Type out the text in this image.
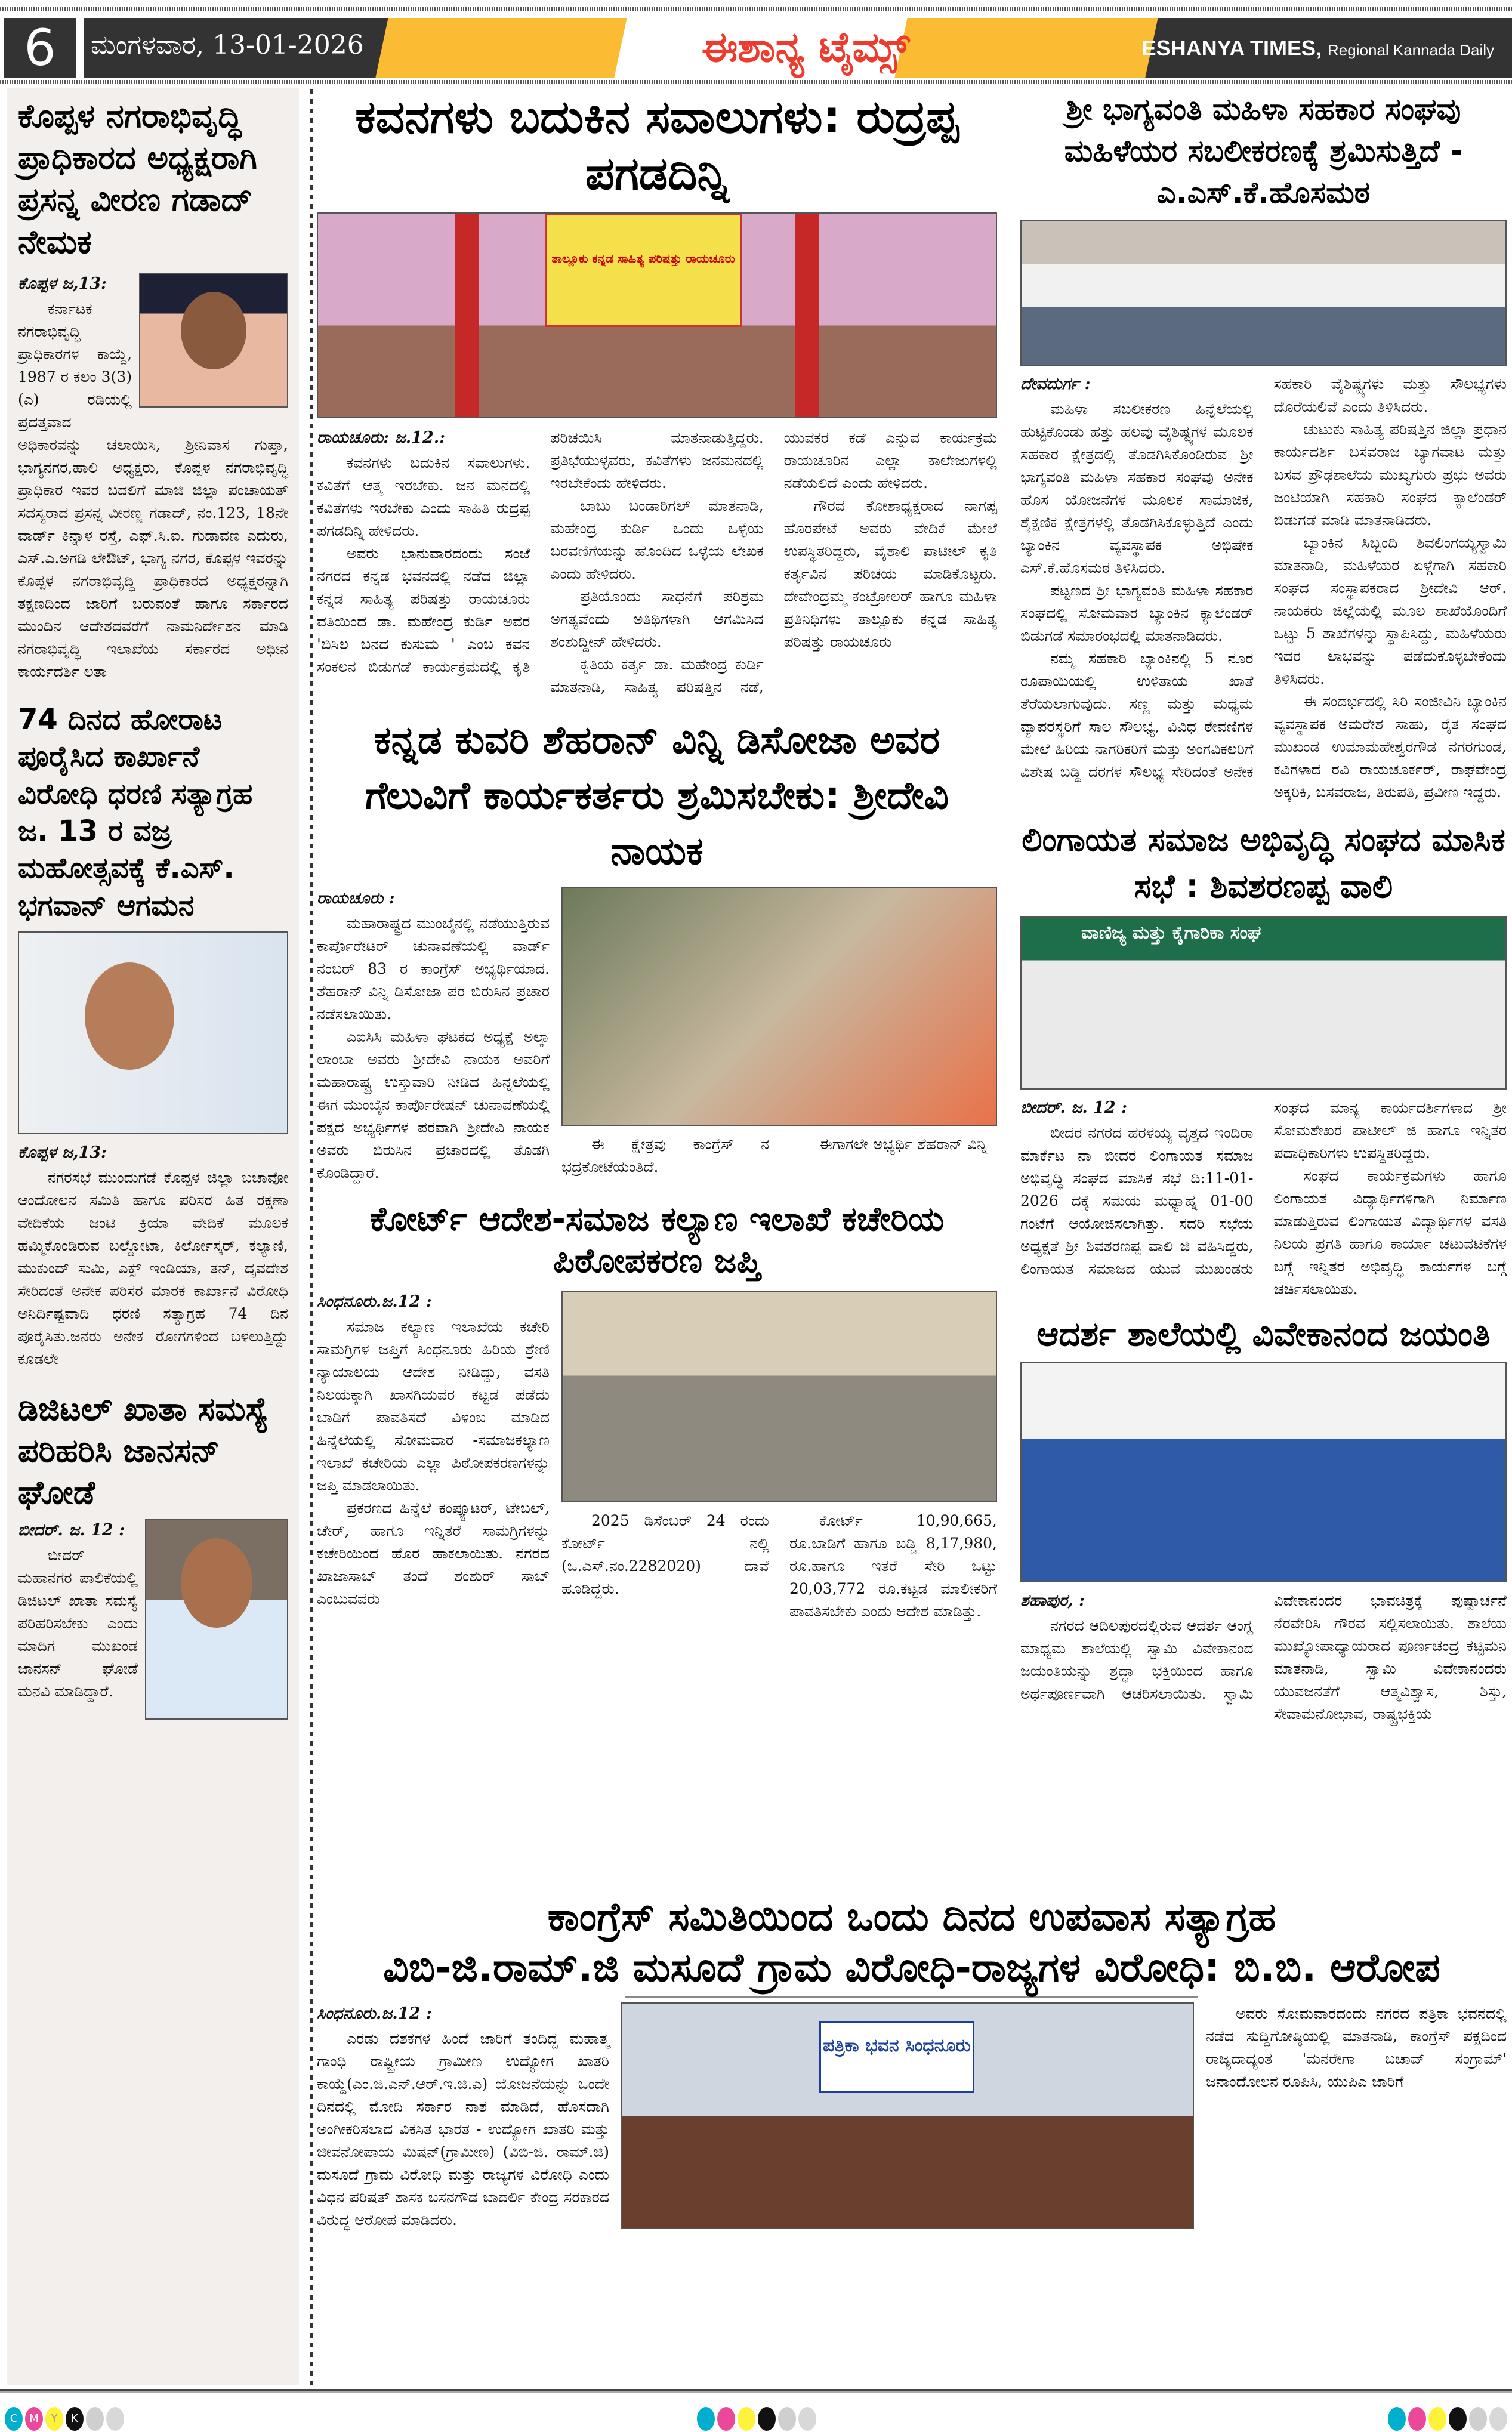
6	ಮಂಗಳವಾರ, 13-01-2026	ಈಶಾನ್ಯ ಟೈಮ್ಸ್	ESHANYA TIMES, Regional Kannada Daily
ಕೊಪ್ಪಳ ನಗರಾಭಿವೃದ್ಧಿ ಪ್ರಾಧಿಕಾರದ ಅಧ್ಯಕ್ಷರಾಗಿ ಪ್ರಸನ್ನ ವೀರಣ ಗಡಾದ್ ನೇಮಕ
ಕೊಪ್ಪಳ ಜ,13:

ಕರ್ನಾಟಕ ನಗರಾಭಿವೃದ್ಧಿ ಪ್ರಾಧಿಕಾರಗಳ ಕಾಯ್ದೆ, 1987 ರ ಕಲಂ 3(3) (ಎ) ರಡಿಯಲ್ಲಿ ಪ್ರದತ್ತವಾದ ಅಧಿಕಾರವನ್ನು ಚಲಾಯಿಸಿ, ಶ್ರೀನಿವಾಸ ಗುಪ್ತಾ, ಭಾಗ್ಯನಗರ,ಹಾಲಿ ಅಧ್ಯಕ್ಷರು, ಕೊಪ್ಪಳ ನಗರಾಭಿವೃದ್ಧಿ ಪ್ರಾಧಿಕಾರ ಇವರ ಬದಲಿಗೆ ಮಾಜಿ ಜಿಲ್ಲಾ ಪಂಚಾಯತ್ ಸದಸ್ಯರಾದ ಪ್ರಸನ್ನ ವೀರಣ್ಣ ಗಡಾದ್, ನಂ.123, 18ನೇ ವಾರ್ಡ್ ಕಿನ್ನಾಳ ರಸ್ತೆ, ಎಫ್.ಸಿ.ಐ. ಗುಡಾವಣ ಎದುರು, ಎಸ್.ಎ.ಅಗಡಿ ಲೇಔಟ್, ಭಾಗ್ಯ ನಗರ, ಕೊಪ್ಪಳ ಇವರನ್ನು ಕೊಪ್ಪಳ ನಗರಾಭಿವೃದ್ಧಿ ಪ್ರಾಧಿಕಾರದ ಅಧ್ಯಕ್ಷರನ್ನಾಗಿ ತಕ್ಷಣದಿಂದ ಜಾರಿಗೆ ಬರುವಂತೆ ಹಾಗೂ ಸರ್ಕಾರದ ಮುಂದಿನ ಆದೇಶದವರೆಗೆ ನಾಮನಿರ್ದೇಶನ ಮಾಡಿ ನಗರಾಭಿವೃದ್ಧಿ ಇಲಾಖೆಯ ಸರ್ಕಾರದ ಅಧೀನ ಕಾರ್ಯದರ್ಶಿ ಲತಾ

74 ದಿನದ ಹೋರಾಟ ಪೂರೈಸಿದ ಕಾರ್ಖಾನೆ ವಿರೋಧಿ ಧರಣಿ ಸತ್ಯಾಗ್ರಹ ಜ. 13 ರ ವಜ್ರ ಮಹೋತ್ಸವಕ್ಕೆ ಕೆ.ಎಸ್. ಭಗವಾನ್ ಆಗಮನ
ಕೊಪ್ಪಳ ಜ,13:

ನಗರಸಭೆ ಮುಂದುಗಡೆ ಕೊಪ್ಪಳ ಜಿಲ್ಲಾ ಬಚಾವೋ ಆಂದೋಲನ ಸಮಿತಿ ಹಾಗೂ ಪರಿಸರ ಹಿತ ರಕ್ಷಣಾ ವೇದಿಕೆಯ ಜಂಟಿ ಕ್ರಿಯಾ ವೇದಿಕೆ ಮೂಲಕ ಹಮ್ಮಿಕೊಂಡಿರುವ ಬಲ್ಡೋಟಾ, ಕಿರ್ಲೋಸ್ಕರ್, ಕಲ್ಯಾಣಿ, ಮುಕುಂದ್ ಸುಮಿ, ಎಕ್ಸ್ ಇಂಡಿಯಾ, ತನ್, ದೃವದೇಶ ಸೇರಿದಂತೆ ಅನೇಕ ಪರಿಸರ ಮಾರಕ ಕಾರ್ಖಾನೆ ವಿರೋಧಿ ಅನಿರ್ದಿಷ್ಟವಾದಿ ಧರಣಿ ಸತ್ಯಾಗ್ರಹ 74 ದಿನ ಪೂರೈಸಿತು.ಜನರು ಅನೇಕ ರೋಗಗಳಿಂದ ಬಳಲುತ್ತಿದ್ದು ಕೂಡಲೇ

ಡಿಜಿಟಲ್ ಖಾತಾ ಸಮಸ್ಯೆ ಪರಿಹರಿಸಿ ಜಾನಸನ್ ಘೋಡೆ
ಬೀದರ್. ಜ. 12 :

ಬೀದರ್ ಮಹಾನಗರ ಪಾಲಿಕೆಯಲ್ಲಿ ಡಿಜಿಟಲ್ ಖಾತಾ ಸಮಸ್ಯೆ ಪರಿಹರಿಸಬೇಕು ಎಂದು ಮಾದಿಗ ಮುಖಂಡ ಜಾನಸನ್ ಘೋಡೆ ಮನವಿ ಮಾಡಿದ್ದಾರೆ.

ಕವನಗಳು ಬದುಕಿನ ಸವಾಲುಗಳು: ರುದ್ರಪ್ಪ ಪಗಡದಿನ್ನಿ
ತಾಲ್ಲೂಕು ಕನ್ನಡ ಸಾಹಿತ್ಯ ಪರಿಷತ್ತು ರಾಯಚೂರು
ರಾಯಚೂರು: ಜ.12.:

ಕವನಗಳು ಬದುಕಿನ ಸವಾಲುಗಳು. ಕವಿತೆಗೆ ಆತ್ಮ ಇರಬೇಕು. ಜನ ಮನದಲ್ಲಿ ಕವಿತೆಗಳು ಇರಬೇಕು ಎಂದು ಸಾಹಿತಿ ರುದ್ರಪ್ಪ ಪಗಡದಿನ್ನಿ ಹೇಳಿದರು.

ಅವರು ಭಾನುವಾರದಂದು ಸಂಜೆ ನಗರದ ಕನ್ನಡ ಭವನದಲ್ಲಿ ನಡೆದ ಜಿಲ್ಲಾ ಕನ್ನಡ ಸಾಹಿತ್ಯ ಪರಿಷತ್ತು ರಾಯಚೂರು ವತಿಯಿಂದ ಡಾ. ಮಹೇಂದ್ರ ಕುರ್ಡಿ ಅವರ 'ಬಿಸಿಲ ಬನದ ಕುಸುಮ ' ಎಂಬ ಕವನ ಸಂಕಲನ ಬಿಡುಗಡೆ ಕಾರ್ಯಕ್ರಮದಲ್ಲಿ ಕೃತಿ ಪರಿಚಯಿಸಿ ಮಾತನಾಡುತ್ತಿದ್ದರು. ಪ್ರತಿಭೆಯುಳ್ಳವರು, ಕವಿತೆಗಳು ಜನಮನದಲ್ಲಿ ಇರಬೇಕೆಂದು ಹೇಳಿದರು.

ಬಾಬು ಬಂಡಾರಿಗಲ್ ಮಾತನಾಡಿ, ಮಹೇಂದ್ರ ಕುರ್ಡಿ ಒಂದು ಒಳ್ಳೆಯ ಬರವಣಿಗೆಯನ್ನು ಹೊಂದಿದ ಒಳ್ಳೆಯ ಲೇಖಕ ಎಂದು ಹೇಳಿದರು.

ಪ್ರತಿಯೊಂದು ಸಾಧನೆಗೆ ಪರಿಶ್ರಮ ಅಗತ್ಯವೆಂದು ಅತಿಥಿಗಳಾಗಿ ಆಗಮಿಸಿದ ಶಂಶುದ್ದೀನ್ ಹೇಳಿದರು.

ಕೃತಿಯ ಕರ್ತೃ ಡಾ. ಮಹೇಂದ್ರ ಕುರ್ಡಿ ಮಾತನಾಡಿ, ಸಾಹಿತ್ಯ ಪರಿಷತ್ತಿನ ನಡೆ, ಯುವಕರ ಕಡೆ ಎನ್ನುವ ಕಾರ್ಯಕ್ರಮ ರಾಯಚೂರಿನ ಎಲ್ಲಾ ಕಾಲೇಜುಗಳಲ್ಲಿ ನಡೆಯಲಿದೆ ಎಂದು ಹೇಳಿದರು.

ಗೌರವ ಕೋಶಾಧ್ಯಕ್ಷರಾದ ನಾಗಪ್ಪ ಹೊರಪೇಟೆ ಅವರು ವೇದಿಕೆ ಮೇಲೆ ಉಪಸ್ಥಿತರಿದ್ದರು, ವೈಶಾಲಿ ಪಾಟೀಲ್ ಕೃತಿ ಕರ್ತೃವಿನ ಪರಿಚಯ ಮಾಡಿಕೊಟ್ಟರು. ದೇವೇಂದ್ರಮ್ಮ ಕಂಟ್ರೋಲರ್ ಹಾಗೂ ಮಹಿಳಾ ಪ್ರತಿನಿಧಿಗಳು ತಾಲ್ಲೂಕು ಕನ್ನಡ ಸಾಹಿತ್ಯ ಪರಿಷತ್ತು ರಾಯಚೂರು

ಕನ್ನಡ ಕುವರಿ ಶೆಹರಾನ್ ವಿನ್ನಿ ಡಿಸೋಜಾ ಅವರ ಗೆಲುವಿಗೆ ಕಾರ್ಯಕರ್ತರು ಶ್ರಮಿಸಬೇಕು: ಶ್ರೀದೇವಿ ನಾಯಕ
ರಾಯಚೂರು :

ಮಹಾರಾಷ್ಟ್ರದ ಮುಂಬೈನಲ್ಲಿ ನಡೆಯುತ್ತಿರುವ ಕಾರ್ಪೊರೇಟರ್ ಚುನಾವಣೆಯಲ್ಲಿ ವಾರ್ಡ್ ನಂಬರ್ 83 ರ ಕಾಂಗ್ರೆಸ್ ಅಭ್ಯರ್ಥಿಯಾದ. ಶೆಹರಾನ್ ವಿನ್ನಿ ಡಿಸೋಜಾ ಪರ ಬಿರುಸಿನ ಪ್ರಚಾರ ನಡೆಸಲಾಯಿತು.

ಎಐಸಿಸಿ ಮಹಿಳಾ ಘಟಕದ ಅಧ್ಯಕ್ಷೆ ಅಲ್ಕಾ ಲಾಂಬಾ ಅವರು ಶ್ರೀದೇವಿ ನಾಯಕ ಅವರಿಗೆ ಮಹಾರಾಷ್ಟ್ರ ಉಸ್ತುವಾರಿ ನೀಡಿದ ಹಿನ್ನಲೆಯಲ್ಲಿ ಈಗ ಮುಂಬೈನ ಕಾರ್ಪೊರೇಷನ್ ಚುನಾವಣೆಯಲ್ಲಿ ಪಕ್ಷದ ಅಭ್ಯರ್ಥಿಗಳ ಪರವಾಗಿ ಶ್ರೀದೇವಿ ನಾಯಕ ಅವರು ಬಿರುಸಿನ ಪ್ರಚಾರದಲ್ಲಿ ತೊಡಗಿ ಕೊಂಡಿದ್ದಾರೆ.

ಈ ಕ್ಷೇತ್ರವು ಕಾಂಗ್ರೆಸ್ ನ ಭದ್ರಕೋಟೆಯಂತಿದೆ.

ಈಗಾಗಲೇ ಅಭ್ಯರ್ಥಿ ಶೆಹರಾನ್ ವಿನ್ನಿ

ಕೋರ್ಟ್ ಆದೇಶ-ಸಮಾಜ ಕಲ್ಯಾಣ ಇಲಾಖೆ ಕಚೇರಿಯ ಪಿಠೋಪಕರಣ ಜಪ್ತಿ
ಸಿಂಧನೂರು.ಜ.12 :

ಸಮಾಜ ಕಲ್ಯಾಣ ಇಲಾಖೆಯ ಕಚೇರಿ ಸಾಮಗ್ರಿಗಳ ಜಪ್ತಿಗೆ ಸಿಂಧನೂರು ಹಿರಿಯ ಶ್ರೇಣಿ ನ್ಯಾಯಾಲಯ ಆದೇಶ ನೀಡಿದ್ದು, ವಸತಿ ನಿಲಯಕ್ಕಾಗಿ ಖಾಸಗಿಯವರ ಕಟ್ಟಡ ಪಡೆದು ಬಾಡಿಗೆ ಪಾವತಿಸದೆ ವಿಳಂಬ ಮಾಡಿದ ಹಿನ್ನೆಲೆಯಲ್ಲಿ ಸೋಮವಾರ -ಸಮಾಜಕಲ್ಯಾಣ ಇಲಾಖೆ ಕಚೇರಿಯ ಎಲ್ಲಾ ಪಿಠೋಪಕರಣಗಳನ್ನು ಜಪ್ತಿ ಮಾಡಲಾಯಿತು.

ಪ್ರಕರಣದ ಹಿನ್ನೆಲೆ ಕಂಪ್ಯೂಟರ್, ಟೇಬಲ್, ಚೇರ್, ಹಾಗೂ ಇನ್ನಿತರೆ ಸಾಮಗ್ರಿಗಳನ್ನು ಕಚೇರಿಯಿಂದ ಹೊರ ಹಾಕಲಾಯಿತು. ನಗರದ ಖಾಜಾಸಾಬ್ ತಂದೆ ಶಂಶುರ್ ಸಾಬ್ ಎಂಬುವವರು

2025 ಡಿಸೆಂಬರ್ 24 ರಂದು ಕೋರ್ಟ್ ನಲ್ಲಿ (ಒ.ಎಸ್.ನಂ.2282020) ದಾವೆ ಹೂಡಿದ್ದರು.

ಕೋರ್ಟ್ 10,90,665, ರೂ.ಬಾಡಿಗೆ ಹಾಗೂ ಬಡ್ಡಿ 8,17,980, ರೂ.ಹಾಗೂ ಇತರೆ ಸೇರಿ ಒಟ್ಟು 20,03,772 ರೂ.ಕಟ್ಟಡ ಮಾಲೀಕರಿಗೆ ಪಾವತಿಸಬೇಕು ಎಂದು ಆದೇಶ ಮಾಡಿತ್ತು.

ಶ್ರೀ ಭಾಗ್ಯವಂತಿ ಮಹಿಳಾ ಸಹಕಾರ ಸಂಘವು ಮಹಿಳೆಯರ ಸಬಲೀಕರಣಕ್ಕೆ ಶ್ರಮಿಸುತ್ತಿದೆ - ಎ.ಎಸ್.ಕೆ.ಹೊಸಮಠ
ದೇವದುರ್ಗ :

ಮಹಿಳಾ ಸಬಲೀಕರಣ ಹಿನ್ನೆಲೆಯಲ್ಲಿ ಹುಟ್ಟಿಕೊಂಡು ಹತ್ತು ಹಲವು ವೈಶಿಷ್ಟ್ಯಗಳ ಮೂಲಕ ಸಹಕಾರ ಕ್ಷೇತ್ರದಲ್ಲಿ ತೊಡಗಿಸಿಕೊಂಡಿರುವ ಶ್ರೀ ಭಾಗ್ಯವಂತಿ ಮಹಿಳಾ ಸಹಕಾರ ಸಂಘವು ಅನೇಕ ಹೊಸ ಯೋಜನೆಗಳ ಮೂಲಕ ಸಾಮಾಜಿಕ, ಶೈಕ್ಷಣಿಕ ಕ್ಷೇತ್ರಗಳಲ್ಲಿ ತೊಡಗಿಸಿಕೊಳ್ಳುತ್ತಿದೆ ಎಂದು ಬ್ಯಾಂಕಿನ ವ್ಯವಸ್ಥಾಪಕ ಅಭಿಷೇಕ ಎಸ್.ಕೆ.ಹೊಸಮಠ ತಿಳಿಸಿದರು.

ಪಟ್ಟಣದ ಶ್ರೀ ಭಾಗ್ಯವಂತಿ ಮಹಿಳಾ ಸಹಕಾರ ಸಂಘದಲ್ಲಿ ಸೋಮವಾರ ಬ್ಯಾಂಕಿನ ಕ್ಯಾಲೆಂಡರ್ ಬಿಡುಗಡೆ ಸಮಾರಂಭದಲ್ಲಿ ಮಾತನಾಡಿದರು.

ನಮ್ಮ ಸಹಕಾರಿ ಬ್ಯಾಂಕಿನಲ್ಲಿ 5 ನೂರ ರೂಪಾಯಿಯಲ್ಲಿ ಉಳಿತಾಯ ಖಾತೆ ತೆರೆಯಲಾಗುವುದು. ಸಣ್ಣ ಮತ್ತು ಮಧ್ಯಮ ವ್ಯಾಪರಸ್ಥರಿಗೆ ಸಾಲ ಸೌಲಭ್ಯ, ವಿವಿಧ ಠೇವಣಿಗಳ ಮೇಲೆ ಹಿರಿಯ ನಾಗರಿಕರಿಗೆ ಮತ್ತು ಅಂಗವಿಕಲರಿಗೆ ವಿಶೇಷ ಬಡ್ಡಿ ದರಗಳ ಸೌಲಭ್ಯ ಸೇರಿದಂತೆ ಅನೇಕ ಸಹಕಾರಿ ವೈಶಿಷ್ಟ್ಯಗಳು ಮತ್ತು ಸೌಲಭ್ಯಗಳು ದೊರೆಯಲಿವೆ ಎಂದು ತಿಳಿಸಿದರು.

ಚುಟುಕು ಸಾಹಿತ್ಯ ಪರಿಷತ್ತಿನ ಜಿಲ್ಲಾ ಪ್ರಧಾನ ಕಾರ್ಯದರ್ಶಿ ಬಸವರಾಜ ಬ್ಯಾಗವಾಟ ಮತ್ತು ಬಸವ ಪ್ರೌಢಶಾಲೆಯ ಮುಖ್ಯಗುರು ಪ್ರಭು ಅವರು ಜಂಟಿಯಾಗಿ ಸಹಕಾರಿ ಸಂಘದ ಕ್ಯಾಲೆಂಡರ್ ಬಿಡುಗಡೆ ಮಾಡಿ ಮಾತನಾಡಿದರು.

ಬ್ಯಾಂಕಿನ ಸಿಬ್ಬಂದಿ ಶಿವಲಿಂಗಯ್ಯಸ್ವಾಮಿ ಮಾತನಾಡಿ, ಮಹಿಳೆಯರ ಏಳ್ಗೆಗಾಗಿ ಸಹಕಾರಿ ಸಂಘದ ಸಂಸ್ಥಾಪಕರಾದ ಶ್ರೀದೇವಿ ಆರ್. ನಾಯಕರು ಜಿಲ್ಲೆಯಲ್ಲಿ ಮೂಲ ಶಾಖೆಯೊಂದಿಗೆ ಒಟ್ಟು 5 ಶಾಖೆಗಳನ್ನು ಸ್ಥಾಪಿಸಿದ್ದು, ಮಹಿಳೆಯರು ಇದರ ಲಾಭವನ್ನು ಪಡೆದುಕೊಳ್ಳಬೇಕೆಂದು ತಿಳಿಸಿದರು.

ಈ ಸಂದರ್ಭದಲ್ಲಿ ಸಿರಿ ಸಂಜೀವಿನಿ ಬ್ಯಾಂಕಿನ ವ್ಯವಸ್ಥಾಪಕ ಅಮರೇಶ ಸಾಹು, ರೈತ ಸಂಘದ ಮುಖಂಡ ಉಮಾಮಹೇಶ್ವರಗೌಡ ನಗರಗುಂಡ, ಕವಿಗಳಾದ ರವಿ ರಾಯಚೂರ್ಕರ್, ರಾಘವೇಂದ್ರ ಅಕ್ಕರಿಕಿ, ಬಸವರಾಜ, ತಿರುಪತಿ, ಪ್ರವೀಣ ಇದ್ದರು.

ಲಿಂಗಾಯತ ಸಮಾಜ ಅಭಿವೃದ್ಧಿ ಸಂಘದ ಮಾಸಿಕ ಸಭೆ : ಶಿವಶರಣಪ್ಪ ವಾಲಿ
ವಾಣಿಜ್ಯ ಮತ್ತು ಕೈಗಾರಿಕಾ ಸಂಘ
ಬೀದರ್. ಜ. 12 :

ಬೀದರ ನಗರದ ಹರಳಯ್ಯ ವೃತ್ತದ ಇಂದಿರಾ ಮಾರ್ಕೆಟ ನಾ ಬೀದರ ಲಿಂಗಾಯತ ಸಮಾಜ ಅಭಿವೃದ್ಧಿ ಸಂಘದ ಮಾಸಿಕ ಸಭೆ ದಿ:11-01-2026 ದಕ್ಕೆ ಸಮಯ ಮಧ್ಯಾಹ್ನ 01-00 ಗಂಟೆಗೆ ಆಯೋಜಿಸಲಾಗಿತ್ತು. ಸದರಿ ಸಭೆಯ ಅಧ್ಯಕ್ಷತೆ ಶ್ರೀ ಶಿವಶರಣಪ್ಪ ವಾಲಿ ಜಿ ವಹಿಸಿದ್ದರು, ಲಿಂಗಾಯತ ಸಮಾಜದ ಯುವ ಮುಖಂಡರು ಸಂಘದ ಮಾನ್ಯ ಕಾರ್ಯದರ್ಶಿಗಳಾದ ಶ್ರೀ ಸೋಮಶೇಖರ ಪಾಟೀಲ್ ಜಿ ಹಾಗೂ ಇನ್ನಿತರ ಪದಾಧಿಕಾರಿಗಳು ಉಪಸ್ಥಿತರಿದ್ದರು.

ಸಂಘದ ಕಾರ್ಯಕ್ರಮಗಳು ಹಾಗೂ ಲಿಂಗಾಯತ ವಿದ್ಯಾರ್ಥಿಗಳಿಗಾಗಿ ನಿರ್ಮಾಣ ಮಾಡುತ್ತಿರುವ ಲಿಂಗಾಯತ ವಿದ್ಯಾರ್ಥಿಗಳ ವಸತಿ ನಿಲಯ ಪ್ರಗತಿ ಹಾಗೂ ಕಾರ್ಯಾ ಚಟುವಟಿಕೆಗಳ ಬಗ್ಗೆ ಇನ್ನಿತರ ಅಭಿವೃದ್ಧಿ ಕಾರ್ಯಗಳ ಬಗ್ಗೆ ಚರ್ಚಿಸಲಾಯಿತು.

ಆದರ್ಶ ಶಾಲೆಯಲ್ಲಿ ವಿವೇಕಾನಂದ ಜಯಂತಿ
ಶಹಾಪುರ, :

ನಗರದ ಆದಿಲಪುರದಲ್ಲಿರುವ ಆದರ್ಶ ಆಂಗ್ಲ ಮಾಧ್ಯಮ ಶಾಲೆಯಲ್ಲಿ ಸ್ವಾಮಿ ವಿವೇಕಾನಂದ ಜಯಂತಿಯನ್ನು ಶ್ರದ್ಧಾ ಭಕ್ತಿಯಿಂದ ಹಾಗೂ ಅರ್ಥಪೂರ್ಣವಾಗಿ ಆಚರಿಸಲಾಯಿತು. ಸ್ವಾಮಿ ವಿವೇಕಾನಂದರ ಭಾವಚಿತ್ರಕ್ಕೆ ಪುಷ್ಪಾರ್ಚನೆ ನೆರವೇರಿಸಿ ಗೌರವ ಸಲ್ಲಿಸಲಾಯಿತು. ಶಾಲೆಯ ಮುಖ್ಯೋಪಾಧ್ಯಾಯರಾದ ಪೂರ್ಣಚಂದ್ರ ಕಟ್ಟಿಮನಿ ಮಾತನಾಡಿ, ಸ್ವಾಮಿ ವಿವೇಕಾನಂದರು ಯುವಜನತೆಗೆ ಆತ್ಮವಿಶ್ವಾಸ, ಶಿಸ್ತು, ಸೇವಾಮನೋಭಾವ, ರಾಷ್ಟ್ರಭಕ್ತಿಯ

ಕಾಂಗ್ರೆಸ್ ಸಮಿತಿಯಿಂದ ಒಂದು ದಿನದ ಉಪವಾಸ ಸತ್ಯಾಗ್ರಹ
ವಿಬಿ-ಜಿ.ರಾಮ್.ಜಿ ಮಸೂದೆ ಗ್ರಾಮ ವಿರೋಧಿ-ರಾಜ್ಯಗಳ ವಿರೋಧಿ: ಬಿ.ಬಿ. ಆರೋಪ
ಸಿಂಧನೂರು.ಜ.12 :

ಎರಡು ದಶಕಗಳ ಹಿಂದೆ ಜಾರಿಗೆ ತಂದಿದ್ದ ಮಹಾತ್ಮ ಗಾಂಧಿ ರಾಷ್ಟ್ರೀಯ ಗ್ರಾಮೀಣ ಉದ್ಯೋಗ ಖಾತರಿ ಕಾಯ್ದೆ(ಎಂ.ಜಿ.ಎನ್.ಆರ್.ಇ.ಜಿ.ಎ) ಯೋಜನೆಯನ್ನು ಒಂದೇ ದಿನದಲ್ಲಿ ಮೋದಿ ಸರ್ಕಾರ ನಾಶ ಮಾಡಿದೆ, ಹೊಸದಾಗಿ ಅಂಗೀಕರಿಸಲಾದ ವಿಕಸಿತ ಭಾರತ - ಉದ್ಯೋಗ ಖಾತರಿ ಮತ್ತು ಜೀವನೋಪಾಯ ಮಿಷನ್(ಗ್ರಾಮೀಣ) (ವಿಬಿ-ಜಿ. ರಾಮ್.ಜಿ) ಮಸೂದೆ ಗ್ರಾಮ ವಿರೋಧಿ ಮತ್ತು ರಾಜ್ಯಗಳ ವಿರೋಧಿ ಎಂದು ವಿಧನ ಪರಿಷತ್ ಶಾಸಕ ಬಸನಗೌಡ ಬಾದರ್ಲಿ ಕೇಂದ್ರ ಸರಕಾರದ ವಿರುದ್ಧ ಆರೋಪ ಮಾಡಿದರು.

ಪತ್ರಿಕಾ ಭವನ ಸಿಂಧನೂರು

ಅವರು ಸೋಮವಾರದಂದು ನಗರದ ಪತ್ರಿಕಾ ಭವನದಲ್ಲಿ ನಡೆದ ಸುದ್ದಿಗೋಷ್ಠಿಯಲ್ಲಿ ಮಾತನಾಡಿ, ಕಾಂಗ್ರೆಸ್ ಪಕ್ಷದಿಂದ ರಾಜ್ಯದಾದ್ಯಂತ 'ಮನರೇಗಾ ಬಚಾವ್ ಸಂಗ್ರಾಮ್' ಜನಾಂದೋಲನ ರೂಪಿಸಿ, ಯುಪಿಎ ಜಾರಿಗೆ

C	M	Y	K
